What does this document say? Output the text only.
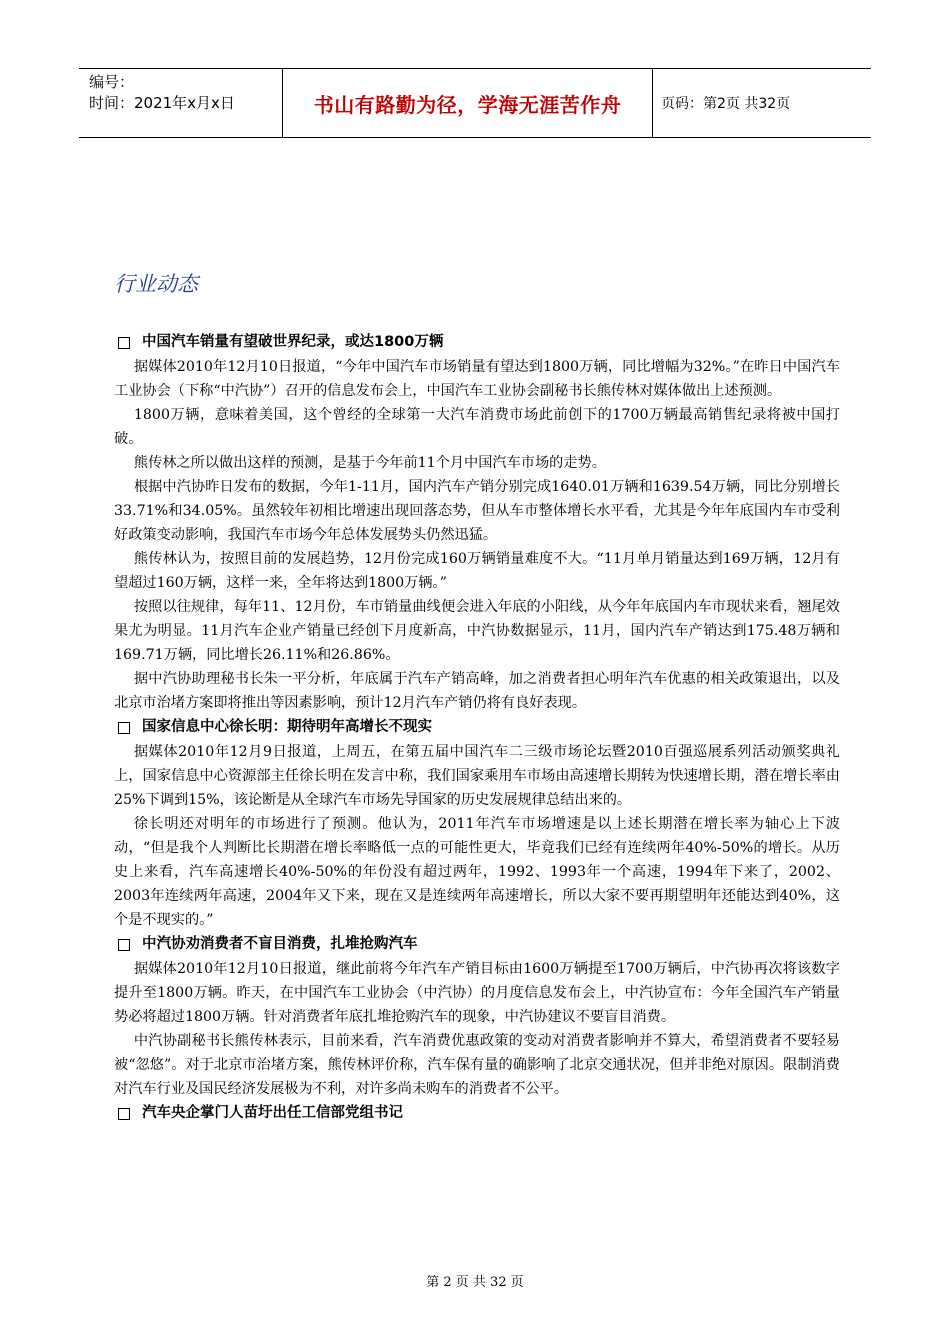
编号：
时间：2021年x月x日	书山有路勤为径，学海无涯苦作舟	页码：第2页 共32页
行业动态
中国汽车销量有望破世界纪录，或达1800万辆

据媒体2010年12月10日报道，“今年中国汽车市场销量有望达到1800万辆，同比增幅为32%。”在昨日中国汽车工业协会（下称“中汽协”）召开的信息发布会上，中国汽车工业协会副秘书长熊传林对媒体做出上述预测。

1800万辆，意味着美国，这个曾经的全球第一大汽车消费市场此前创下的1700万辆最高销售纪录将被中国打破。

熊传林之所以做出这样的预测，是基于今年前11个月中国汽车市场的走势。

根据中汽协昨日发布的数据，今年1-11月，国内汽车产销分别完成1640.01万辆和1639.54万辆，同比分别增长33.71%和34.05%。虽然较年初相比增速出现回落态势，但从车市整体增长水平看，尤其是今年年底国内车市受利好政策变动影响，我国汽车市场今年总体发展势头仍然迅猛。

熊传林认为，按照目前的发展趋势，12月份完成160万辆销量难度不大。“11月单月销量达到169万辆，12月有望超过160万辆，这样一来，全年将达到1800万辆。”

按照以往规律，每年11、12月份，车市销量曲线便会进入年底的小阳线，从今年年底国内车市现状来看，翘尾效果尤为明显。11月汽车企业产销量已经创下月度新高，中汽协数据显示，11月，国内汽车产销达到175.48万辆和169.71万辆，同比增长26.11%和26.86%。

据中汽协助理秘书长朱一平分析，年底属于汽车产销高峰，加之消费者担心明年汽车优惠的相关政策退出，以及北京市治堵方案即将推出等因素影响，预计12月汽车产销仍将有良好表现。

国家信息中心徐长明：期待明年高增长不现实

据媒体2010年12月9日报道，上周五，在第五届中国汽车二三级市场论坛暨2010百强巡展系列活动颁奖典礼上，国家信息中心资源部主任徐长明在发言中称，我们国家乘用车市场由高速增长期转为快速增长期，潜在增长率由25%下调到15%，该论断是从全球汽车市场先导国家的历史发展规律总结出来的。

徐长明还对明年的市场进行了预测。他认为，2011年汽车市场增速是以上述长期潜在增长率为轴心上下波动，“但是我个人判断比长期潜在增长率略低一点的可能性更大，毕竟我们已经有连续两年40%-50%的增长。从历史上来看，汽车高速增长40%-50%的年份没有超过两年，1992、1993年一个高速，1994年下来了，2002、2003年连续两年高速，2004年又下来，现在又是连续两年高速增长，所以大家不要再期望明年还能达到40%，这个是不现实的。”

中汽协劝消费者不盲目消费，扎堆抢购汽车

据媒体2010年12月10日报道，继此前将今年汽车产销目标由1600万辆提至1700万辆后，中汽协再次将该数字提升至1800万辆。昨天，在中国汽车工业协会（中汽协）的月度信息发布会上，中汽协宣布：今年全国汽车产销量势必将超过1800万辆。针对消费者年底扎堆抢购汽车的现象，中汽协建议不要盲目消费。

中汽协副秘书长熊传林表示，目前来看，汽车消费优惠政策的变动对消费者影响并不算大，希望消费者不要轻易被“忽悠”。对于北京市治堵方案，熊传林评价称，汽车保有量的确影响了北京交通状况，但并非绝对原因。限制消费对汽车行业及国民经济发展极为不利，对许多尚未购车的消费者不公平。

汽车央企掌门人苗圩出任工信部党组书记
第 2 页 共 32 页
